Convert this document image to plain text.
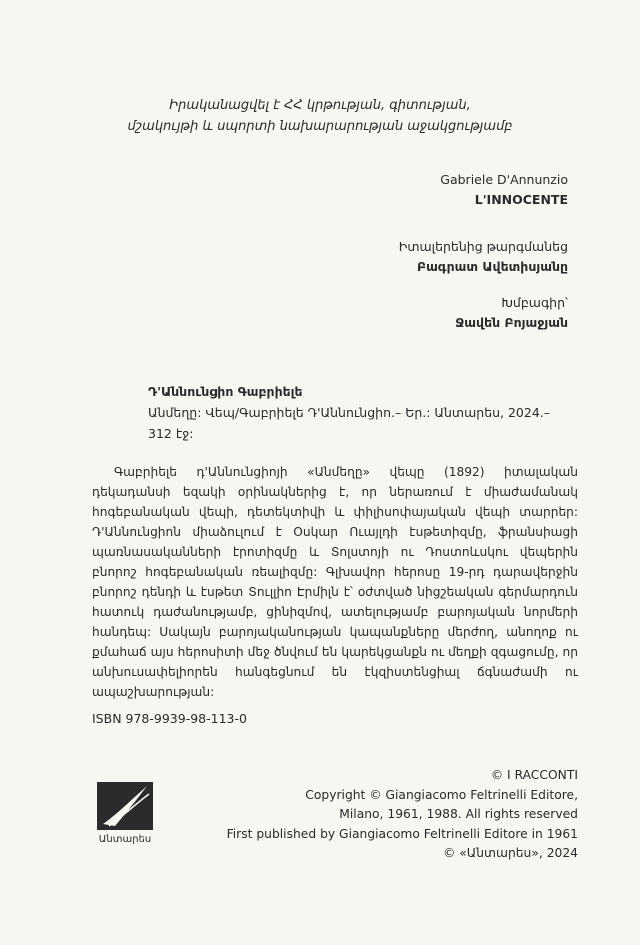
Իրականացվել է ՀՀ կրթության, գիտության,
մշակույթի և սպորտի նախարարության աջակցությամբ
Gabriele D'Annunzio
L'INNOCENTE
Իտալերենից թարգմանեց
Բագրատ Ավետիսյանը
Խմբագիր՝
Ջավեն Բոյաջյան
Դ'Աննունցիո Գաբրիելե
Անմեղը: Վեպ/Գաբրիելե Դ'Աննունցիո.– Եր.: Անտարես, 2024.–
312 էջ:
Գաբրիելե դ'Աննունցիոյի «Անմեղը» վեպը (1892) իտալական դեկադանսի եզակի օրինակներից է, որ ներառում է միաժամանակ հոգեբանական վեպի, դետեկտիվի և փիլիսոփայական վեպի տարրեր: Դ'Աննունցիոն միաձուլում է Օսկար Ուայլդի էսթետիզմը, ֆրանսիացի պառնասականների էրոտիզմը և Տոլստոյի ու Դոստոևսկու վեպերին բնորոշ հոգեբանական ռեալիզմը: Գլխավոր հերոսը 19-րդ դարավերջին բնորոշ դենդի և էսթետ Տուլլիո Էրմիլն է՝ օժտված նիցշեական գերմարդուն հատուկ դաժանությամբ, ցինիզմով, ատելությամբ բարոյական նորմերի հանդեպ: Սակայն բարոյականության կապանքները մերժող, անողոք ու քմահաճ այս հերոսիտի մեջ ծնվում են կարեկցանքն ու մեղքի զգացումը, որ անխուսափելիորեն հանգեցնում են էկզիստենցիալ ճգնաժամի ու ապաշխարության:
ISBN 978-9939-98-113-0
Անտարես
© I RACCONTI
Copyright © Giangiacomo Feltrinelli Editore,
Milano, 1961, 1988. All rights reserved
First published by Giangiacomo Feltrinelli Editore in 1961
© «Անտարես», 2024
